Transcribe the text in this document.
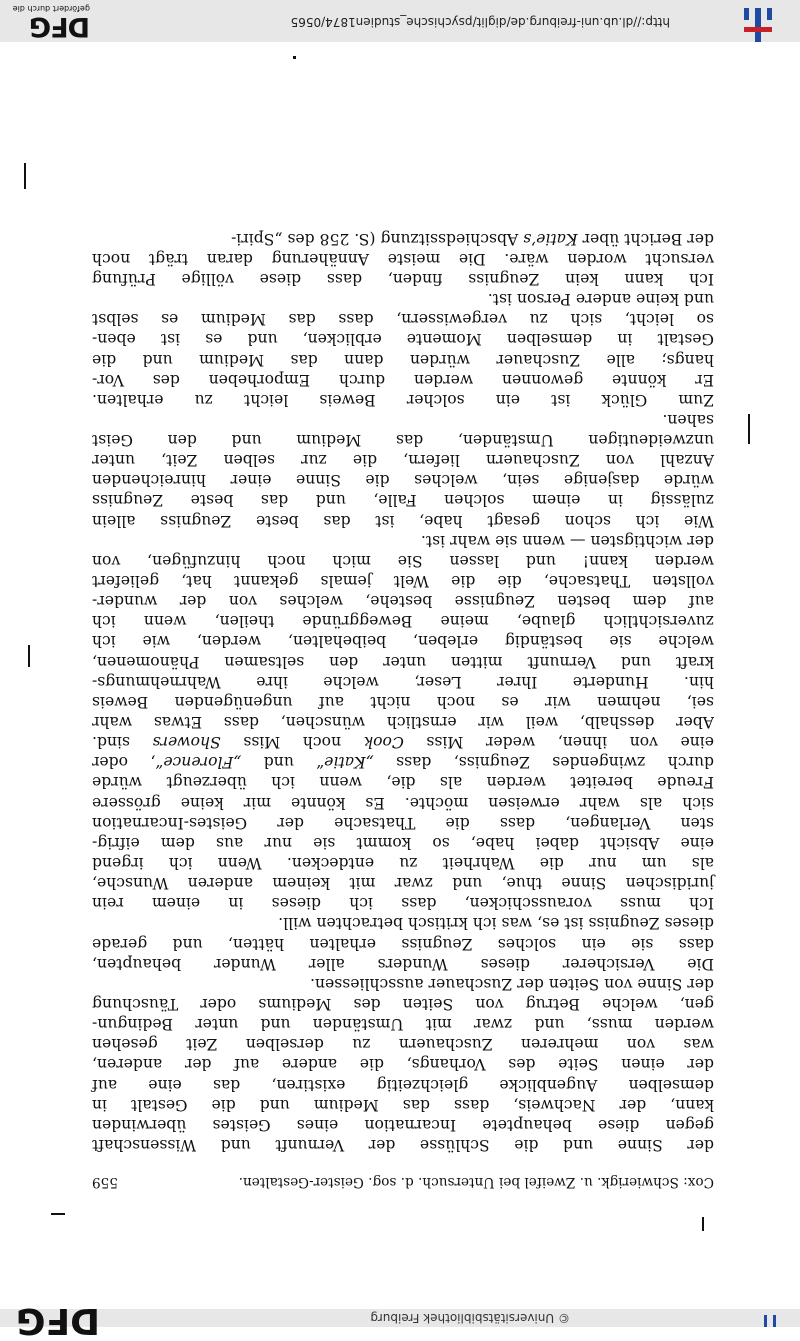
DFG	© Universitätsbibliothek Freiburg
Cox: Schwierigk. u. Zweifel bei Untersuch. d. sog. Geister-Gestalten.
559
der Sinne und die Schlüsse der Vernunft und Wissenschaft
gegen diese behauptete Incarnation eines Geistes überwinden
kann, der Nachweis, dass das Medium und die Gestalt in
demselben Augenblicke gleichzeitig existiren, das eine auf
der einen Seite des Vorhangs, die andere auf der anderen,
was von mehreren Zuschauern zu derselben Zeit gesehen
werden muss, und zwar mit Umständen und unter Bedingun-
gen, welche Betrug von Seiten des Mediums oder Täuschung
der Sinne von Seiten der Zuschauer ausschliessen.
Die Versicherer dieses Wunders aller Wunder behaupten,
dass sie ein solches Zeugniss erhalten hätten, und gerade
dieses Zeugniss ist es, was ich kritisch betrachten will.
Ich muss vorausschicken, dass ich dieses in einem rein
juridischen Sinne thue, und zwar mit keinem anderen Wunsche,
als um nur die Wahrheit zu entdecken. Wenn ich irgend
eine Absicht dabei habe, so kommt sie nur aus dem eifrig-
sten Verlangen, dass die Thatsache der Geistes-Incarnation
sich als wahr erweisen möchte. Es könnte mir keine grössere
Freude bereitet werden als die, wenn ich überzeugt würde
durch zwingendes Zeugniss, dass „Katie“ und „Florence“, oder
eine von ihnen, weder Miss Cook noch Miss Showers sind.
Aber desshalb, weil wir ernstlich wünschen, dass Etwas wahr
sei, nehmen wir es noch nicht auf ungenügenden Beweis
hin. Hunderte Ihrer Leser, welche ihre Wahrnehmungs-
kraft und Vernunft mitten unter den seltsamen Phänomenen,
welche sie beständig erleben, beibehalten, werden, wie ich
zuversichtlich glaube, meine Beweggründe theilen, wenn ich
auf dem besten Zeugnisse bestehe, welches von der wunder-
vollsten Thatsache, die die Welt jemals gekannt hat, geliefert
werden kann! und lassen Sie mich noch hinzufügen, von
der wichtigsten — wenn sie wahr ist.
Wie ich schon gesagt habe, ist das beste Zeugniss allein
zulässig in einem solchen Falle, und das beste Zeugniss
würde dasjenige sein, welches die Sinne einer hinreichenden
Anzahl von Zuschauern liefern, die zur selben Zeit, unter
unzweideutigen Umständen, das Medium und den Geist
sahen.
Zum Glück ist ein solcher Beweis leicht zu erhalten.
Er könnte gewonnen werden durch Emporheben des Vor-
hangs; alle Zuschauer würden dann das Medium und die
Gestalt in demselben Momente erblicken, und es ist eben-
so leicht, sich zu vergewissern, dass das Medium es selbst
und keine andere Person ist.
Ich kann kein Zeugniss finden, dass diese völlige Prüfung
versucht worden wäre. Die meiste Annäherung daran trägt noch
der Bericht über Katie’s Abschiedssitzung (S. 258 des „Spiri-
DFG
gefördert durch die
http://dl.ub.uni-freiburg.de/diglit/psychische_studien1874/0565
